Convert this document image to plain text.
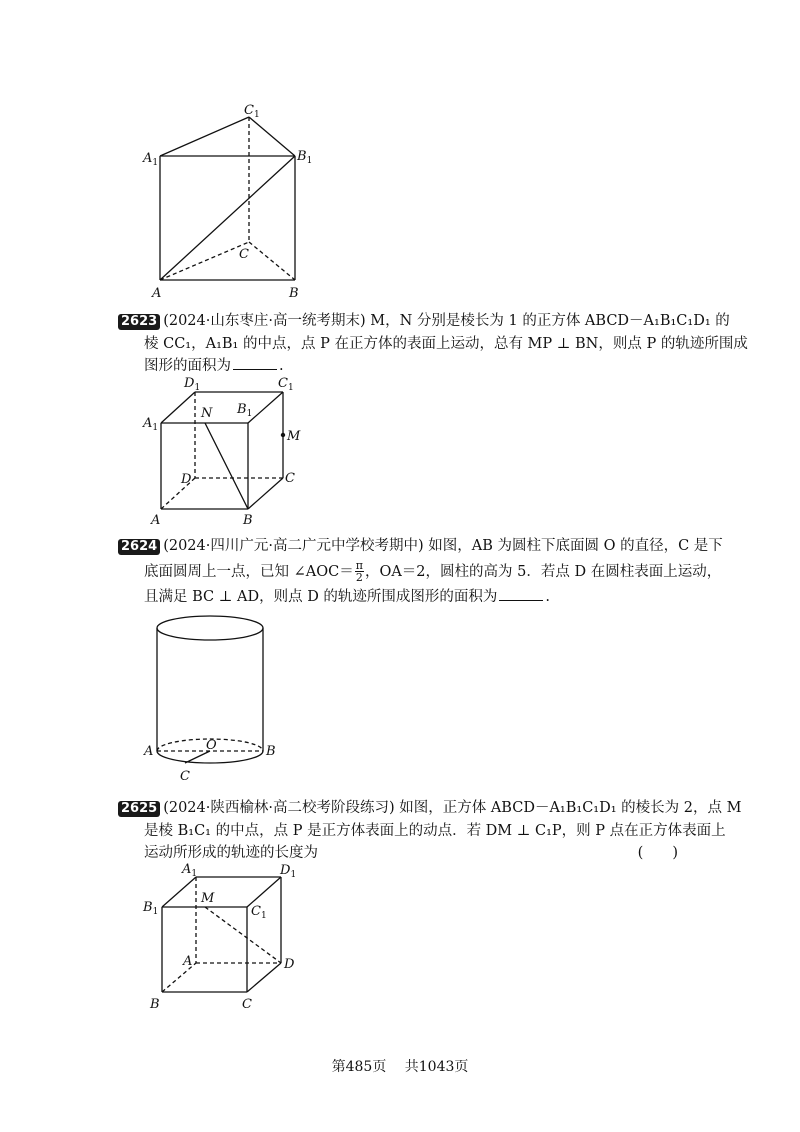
$C_1$
$A_1$	$B_1$
C
A	B
2623 (2024·山东枣庄·高一统考期末) M，N 分别是棱长为 1 的正方体 ABCD－A₁B₁C₁D₁ 的
棱 CC₁，A₁B₁ 的中点，点 P 在正方体的表面上运动，总有 MP ⊥ BN，则点 P 的轨迹所围成
图形的面积为	.
$D_1$	$C_1$
$A_1$
N $B_1$
M
D	C
A	B
2624 (2024·四川广元·高二广元中学校考期中) 如图，AB 为圆柱下底面圆 O 的直径，C 是下
底面圆周上一点，已知 ∠AOC＝ $\frac{\pi}{2}$ ，OA＝2，圆柱的高为 5．若点 D 在圆柱表面上运动，
且满足 BC ⊥ AD，则点 D 的轨迹所围成图形的面积为	.
A	O	B
C
2625 (2024·陕西榆林·高二校考阶段练习) 如图，正方体 ABCD－A₁B₁C₁D₁ 的棱长为 2，点 M
是棱 B₁C₁ 的中点，点 P 是正方体表面上的动点．若 DM ⊥ C₁P，则 P 点在正方体表面上
运动所形成的轨迹的长度为	(　　)
$A_1$	$D_1$
$B_1$
M
$C_1$
A	D
B	C
第485页　 共1043页
